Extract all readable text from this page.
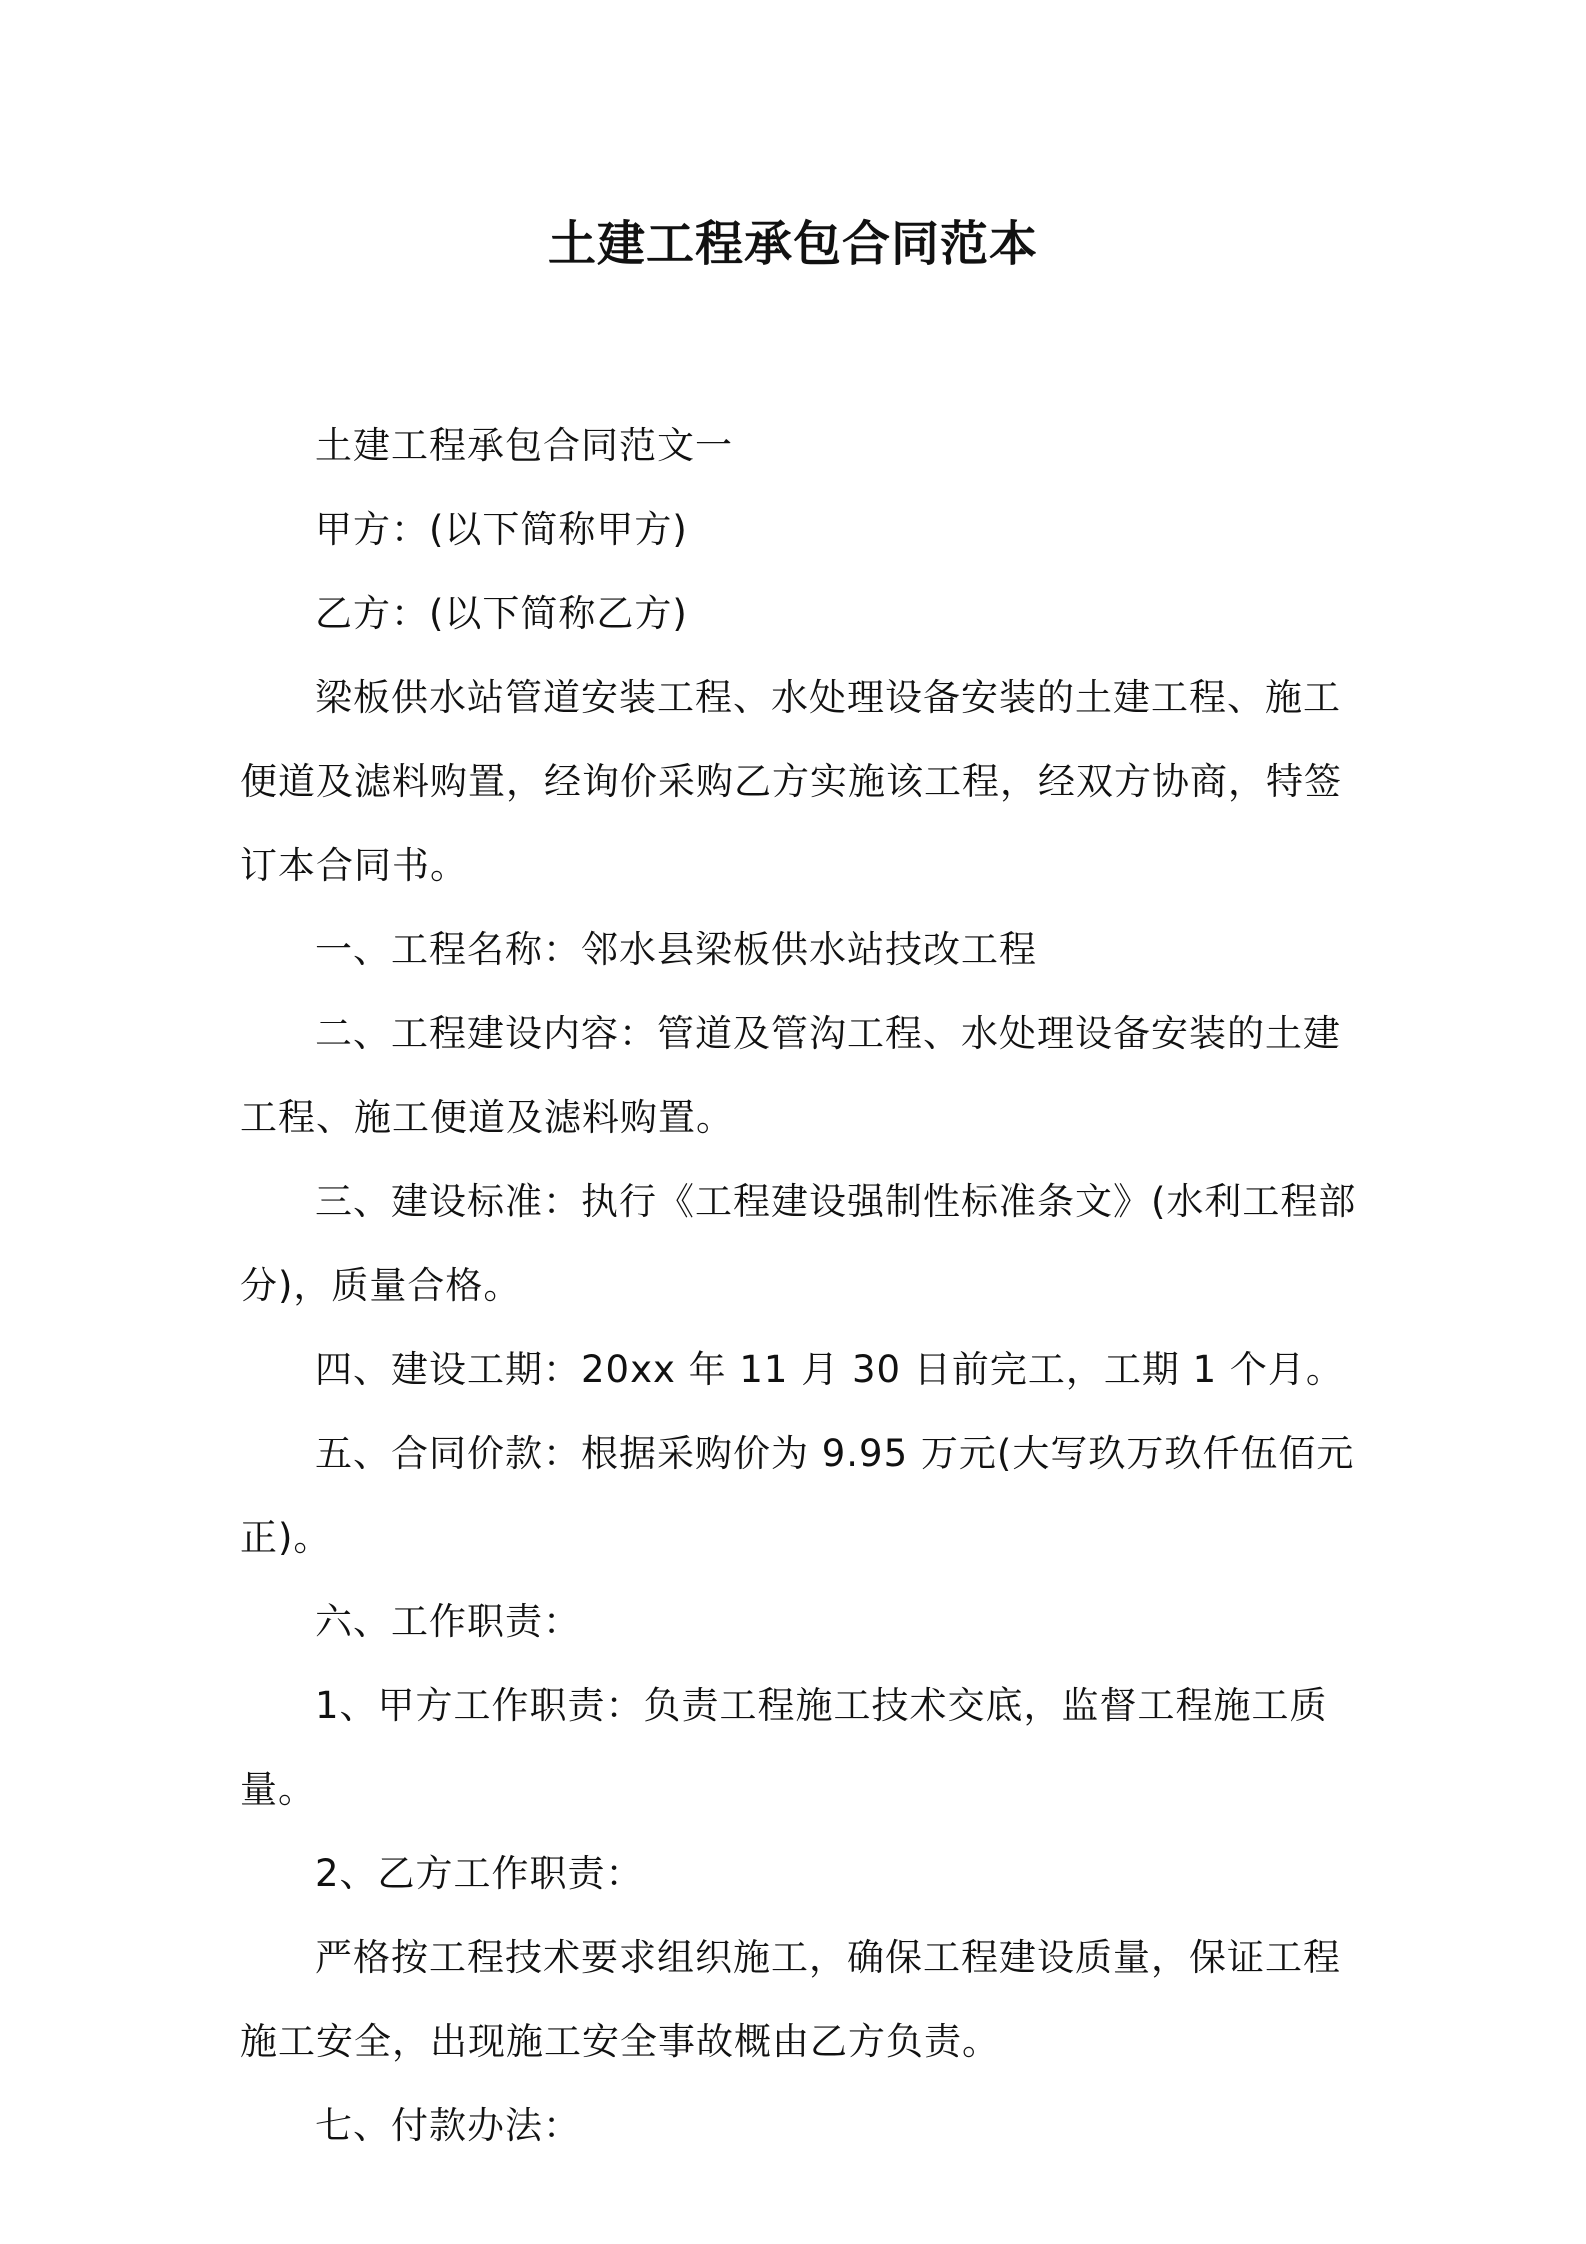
土建工程承包合同范本

土建工程承包合同范文一

甲方：(以下简称甲方)

乙方：(以下简称乙方)

梁板供水站管道安装工程、水处理设备安装的土建工程、施工便道及滤料购置，经询价采购乙方实施该工程，经双方协商，特签订本合同书。

一、工程名称：邻水县梁板供水站技改工程

二、工程建设内容：管道及管沟工程、水处理设备安装的土建工程、施工便道及滤料购置。

三、建设标准：执行《工程建设强制性标准条文》(水利工程部分)，质量合格。

四、建设工期：20xx 年 11 月 30 日前完工，工期 1 个月。

五、合同价款：根据采购价为 9.95 万元(大写玖万玖仟伍佰元正)。

六、工作职责：

1、甲方工作职责：负责工程施工技术交底，监督工程施工质量。

2、乙方工作职责：

严格按工程技术要求组织施工，确保工程建设质量，保证工程施工安全，出现施工安全事故概由乙方负责。

七、付款办法：
